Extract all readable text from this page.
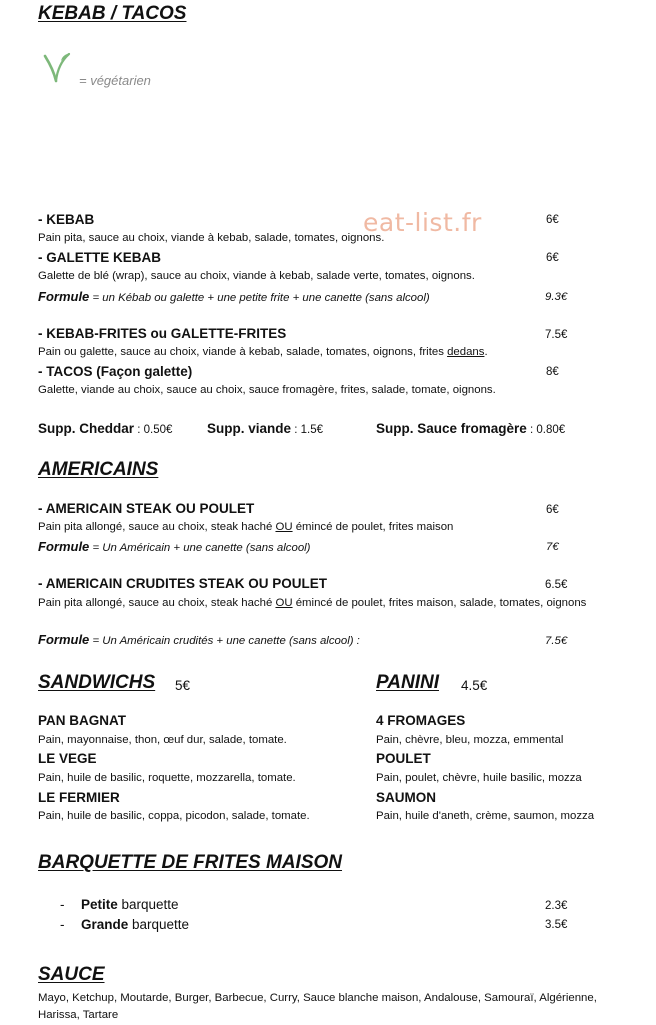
KEBAB / TACOS
= végétarien
eat-list.fr
- KEBAB	6€
Pain pita, sauce au choix, viande à kebab, salade, tomates, oignons.
- GALETTE KEBAB	6€
Galette de blé (wrap), sauce au choix, viande à kebab, salade verte, tomates, oignons.
Formule = un Kébab ou galette + une petite frite + une canette (sans alcool)	9.3€
- KEBAB-FRITES ou GALETTE-FRITES	7.5€
Pain ou galette, sauce au choix, viande à kebab, salade, tomates, oignons, frites dedans.
- TACOS (Façon galette)	8€
Galette, viande au choix, sauce au choix, sauce fromagère, frites, salade, tomate, oignons.
Supp. Cheddar : 0.50€	Supp. viande : 1.5€	Supp. Sauce fromagère : 0.80€
AMERICAINS
- AMERICAIN STEAK OU POULET	6€
Pain pita allongé, sauce au choix, steak haché OU émincé de poulet, frites maison
Formule = Un Américain + une canette (sans alcool)	7€
- AMERICAIN CRUDITES STEAK OU POULET	6.5€
Pain pita allongé, sauce au choix, steak haché OU émincé de poulet, frites maison, salade, tomates, oignons
Formule = Un Américain crudités + une canette (sans alcool) :	7.5€
SANDWICHS 5€
PAN BAGNAT
Pain, mayonnaise, thon, œuf dur, salade, tomate.
LE VEGE
Pain, huile de basilic, roquette, mozzarella, tomate.
LE FERMIER
Pain, huile de basilic, coppa, picodon, salade, tomate.
PANINI 4.5€
4 FROMAGES
Pain, chèvre, bleu, mozza, emmental
POULET
Pain, poulet, chèvre, huile basilic, mozza
SAUMON
Pain, huile d'aneth, crème, saumon, mozza
BARQUETTE DE FRITES MAISON
- Petite barquette	2.3€
- Grande barquette	3.5€
SAUCE
Mayo, Ketchup, Moutarde, Burger, Barbecue, Curry, Sauce blanche maison, Andalouse, Samouraï, Algérienne, Harissa, Tartare
